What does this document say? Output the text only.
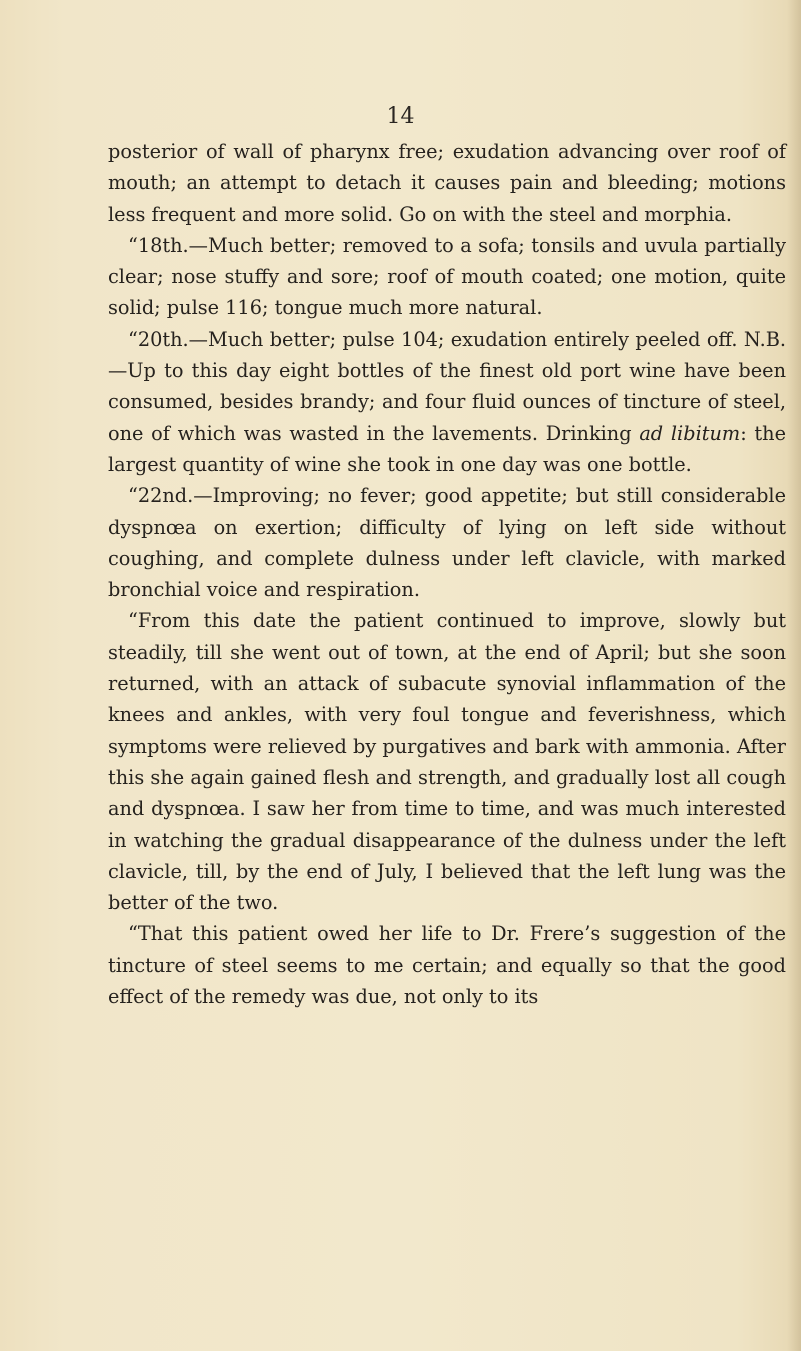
14

posterior of wall of pharynx free; exudation advancing over roof of mouth; an attempt to detach it causes pain and bleeding; motions less frequent and more solid. Go on with the steel and morphia.

“18th.—Much better; removed to a sofa; tonsils and uvula partially clear; nose stuffy and sore; roof of mouth coated; one motion, quite solid; pulse 116; tongue much more natural.

“20th.—Much better; pulse 104; exudation entirely peeled off. N.B.—Up to this day eight bottles of the finest old port wine have been consumed, besides brandy; and four fluid ounces of tincture of steel, one of which was wasted in the lavements. Drinking ad libitum: the largest quantity of wine she took in one day was one bottle.

“22nd.—Improving; no fever; good appetite; but still considerable dyspnœa on exertion; difficulty of lying on left side without coughing, and complete dulness under left clavicle, with marked bronchial voice and respiration.

“From this date the patient continued to improve, slowly but steadily, till she went out of town, at the end of April; but she soon returned, with an attack of subacute synovial inflammation of the knees and ankles, with very foul tongue and feverishness, which symptoms were relieved by purgatives and bark with ammonia. After this she again gained flesh and strength, and gradually lost all cough and dyspnœa. I saw her from time to time, and was much interested in watching the gradual disappearance of the dulness under the left clavicle, till, by the end of July, I believed that the left lung was the better of the two.

“That this patient owed her life to Dr. Frere’s suggestion of the tincture of steel seems to me certain; and equally so that the good effect of the remedy was due, not only to its
